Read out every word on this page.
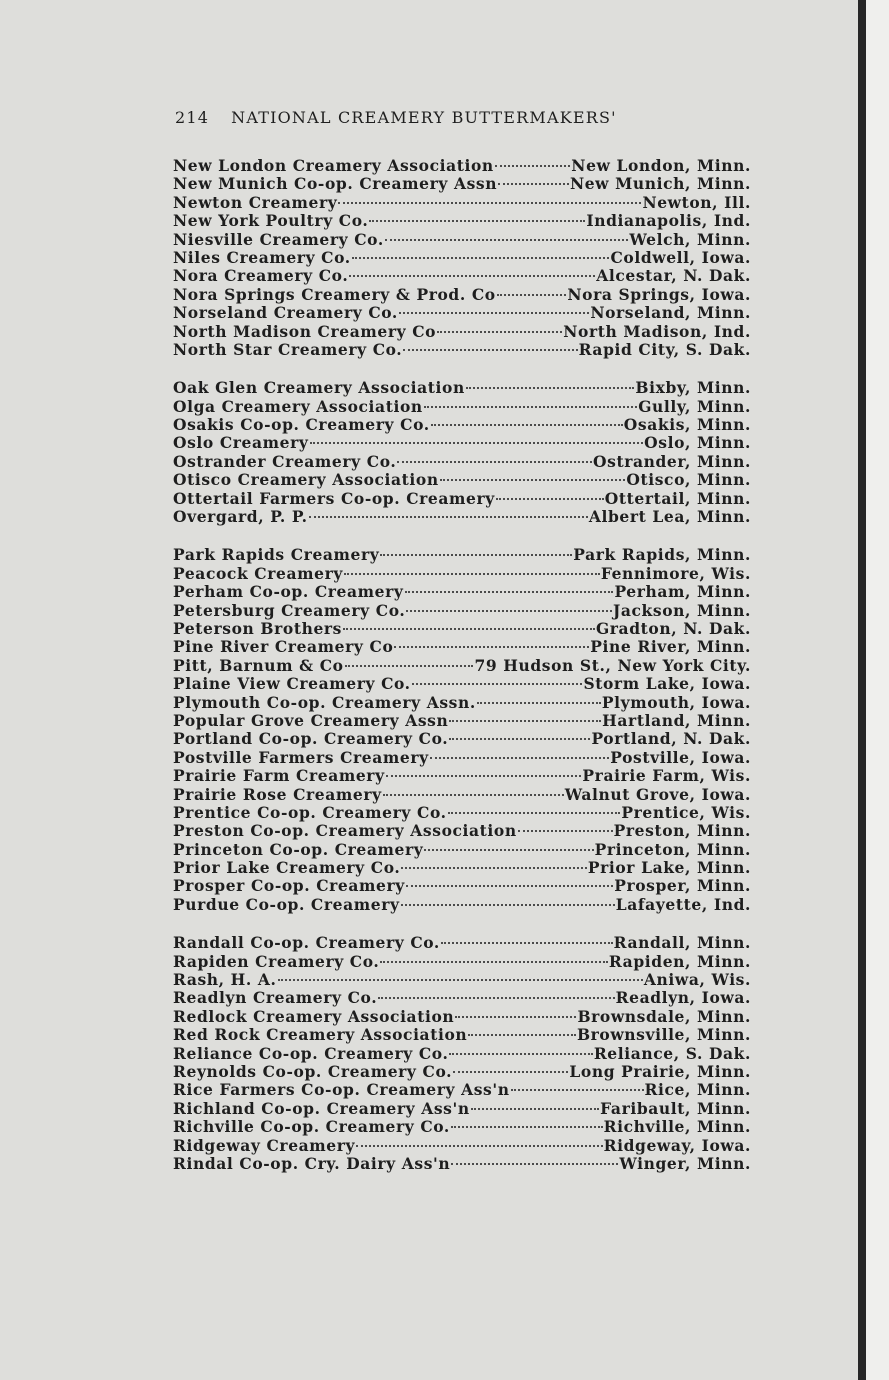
214 NATIONAL CREAMERY BUTTERMAKERS'
New London Creamery Association	New London, Minn.
New Munich Co-op. Creamery Assn	New Munich, Minn.
Newton Creamery	Newton, Ill.
New York Poultry Co.	Indianapolis, Ind.
Niesville Creamery Co.	Welch, Minn.
Niles Creamery Co.	Coldwell, Iowa.
Nora Creamery Co.	Alcestar, N. Dak.
Nora Springs Creamery & Prod. Co	Nora Springs, Iowa.
Norseland Creamery Co.	Norseland, Minn.
North Madison Creamery Co	North Madison, Ind.
North Star Creamery Co.	Rapid City, S. Dak.
Oak Glen Creamery Association	Bixby, Minn.
Olga Creamery Association	Gully, Minn.
Osakis Co-op. Creamery Co.	Osakis, Minn.
Oslo Creamery	Oslo, Minn.
Ostrander Creamery Co.	Ostrander, Minn.
Otisco Creamery Association	Otisco, Minn.
Ottertail Farmers Co-op. Creamery	Ottertail, Minn.
Overgard, P. P.	Albert Lea, Minn.
Park Rapids Creamery	Park Rapids, Minn.
Peacock Creamery	Fennimore, Wis.
Perham Co-op. Creamery	Perham, Minn.
Petersburg Creamery Co.	Jackson, Minn.
Peterson Brothers	Gradton, N. Dak.
Pine River Creamery Co	Pine River, Minn.
Pitt, Barnum & Co	79 Hudson St., New York City.
Plaine View Creamery Co.	Storm Lake, Iowa.
Plymouth Co-op. Creamery Assn.	Plymouth, Iowa.
Popular Grove Creamery Assn	Hartland, Minn.
Portland Co-op. Creamery Co.	Portland, N. Dak.
Postville Farmers Creamery	Postville, Iowa.
Prairie Farm Creamery	Prairie Farm, Wis.
Prairie Rose Creamery	Walnut Grove, Iowa.
Prentice Co-op. Creamery Co.	Prentice, Wis.
Preston Co-op. Creamery Association	Preston, Minn.
Princeton Co-op. Creamery	Princeton, Minn.
Prior Lake Creamery Co.	Prior Lake, Minn.
Prosper Co-op. Creamery	Prosper, Minn.
Purdue Co-op. Creamery	Lafayette, Ind.
Randall Co-op. Creamery Co.	Randall, Minn.
Rapiden Creamery Co.	Rapiden, Minn.
Rash, H. A.	Aniwa, Wis.
Readlyn Creamery Co.	Readlyn, Iowa.
Redlock Creamery Association	Brownsdale, Minn.
Red Rock Creamery Association	Brownsville, Minn.
Reliance Co-op. Creamery Co.	Reliance, S. Dak.
Reynolds Co-op. Creamery Co.	Long Prairie, Minn.
Rice Farmers Co-op. Creamery Ass'n	Rice, Minn.
Richland Co-op. Creamery Ass'n	Faribault, Minn.
Richville Co-op. Creamery Co.	Richville, Minn.
Ridgeway Creamery	Ridgeway, Iowa.
Rindal Co-op. Cry. Dairy Ass'n	Winger, Minn.
